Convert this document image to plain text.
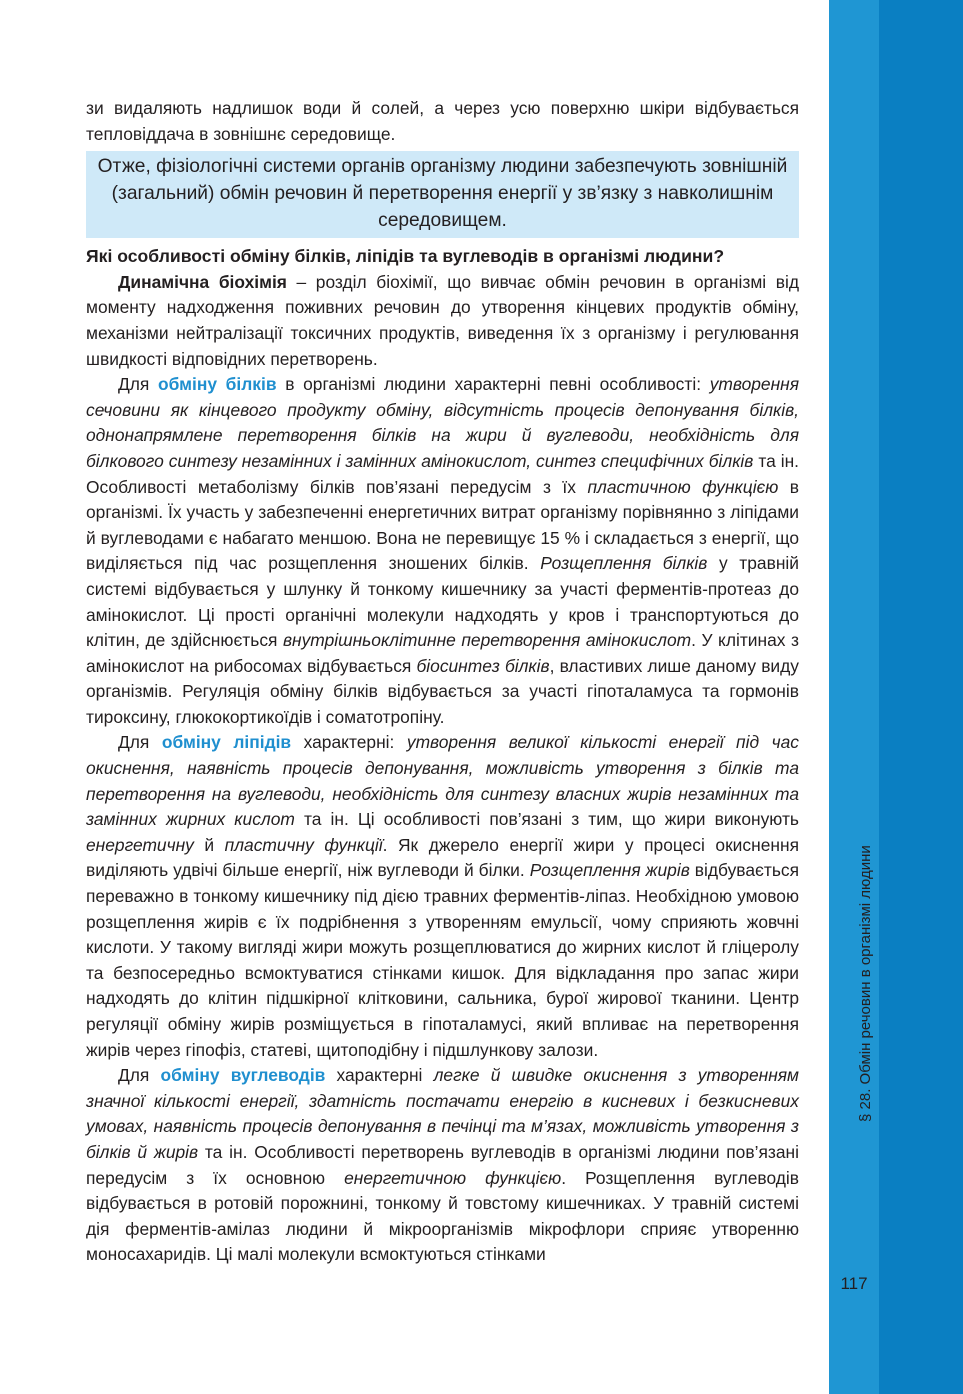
§ 28. Обмін речовин в організмі людини
117

зи видаляють надлишок води й солей, а через усю поверхню шкіри відбувається тепловіддача в зовнішнє середовище.

Отже, фізіологічні системи органів організму людини забезпечують зовнішній (загальний) обмін речовин й перетворення енергії у зв’язку з навколишнім середовищем.

Які особливості обміну білків, ліпідів та вуглеводів в організмі людини?

Динамічна біохімія – розділ біохімії, що вивчає обмін речовин в організмі від моменту надходження поживних речовин до утворення кінцевих продуктів обміну, механізми нейтралізації токсичних продуктів, виведення їх з організму і регулювання швидкості відповідних перетворень.

Для обміну білків в організмі людини характерні певні особливості: утворення сечовини як кінцевого продукту обміну, відсутність процесів депонування білків, однонапрямлене перетворення білків на жири й вуглеводи, необхідність для білкового синтезу незамінних і замінних амінокислот, синтез специфічних білків та ін. Особливості метаболізму білків пов’язані передусім з їх пластичною функцією в організмі. Їх участь у забезпеченні енергетичних витрат організму порівнянно з ліпідами й вуглеводами є набагато меншою. Вона не перевищує 15 % і складається з енергії, що виділяється під час розщеплення зношених білків. Розщеплення білків у травній системі відбувається у шлунку й тонкому кишечнику за участі ферментів-протеаз до амінокислот. Ці прості органічні молекули надходять у кров і транспортуються до клітин, де здійснюється внутрішньоклітинне перетворення амінокислот. У клітинах з амінокислот на рибосомах відбувається біосинтез білків, властивих лише даному виду організмів. Регуляція обміну білків відбувається за участі гіпоталамуса та гормонів тироксину, глюкокортикоїдів і соматотропіну.

Для обміну ліпідів характерні: утворення великої кількості енергії під час окиснення, наявність процесів депонування, можливість утворення з білків та перетворення на вуглеводи, необхідність для синтезу власних жирів незамінних та замінних жирних кислот та ін. Ці особливості пов’язані з тим, що жири виконують енергетичну й пластичну функції. Як джерело енергії жири у процесі окиснення виділяють удвічі більше енергії, ніж вуглеводи й білки. Розщеплення жирів відбувається переважно в тонкому кишечнику під дією травних ферментів-ліпаз. Необхідною умовою розщеплення жирів є їх подрібнення з утворенням емульсії, чому сприяють жовчні кислоти. У такому вигляді жири можуть розщеплюватися до жирних кислот й гліцеролу та безпосередньо всмоктуватися стінками кишок. Для відкладання про запас жири надходять до клітин підшкірної клітковини, сальника, бурої жирової тканини. Центр регуляції обміну жирів розміщується в гіпоталамусі, який впливає на перетворення жирів через гіпофіз, статеві, щитоподібну і підшлункову залози.

Для обміну вуглеводів характерні легке й швидке окиснення з утворенням значної кількості енергії, здатність постачати енергію в кисневих і безкисневих умовах, наявність процесів депонування в печінці та м’язах, можливість утворення з білків й жирів та ін. Особливості перетворень вуглеводів в організмі людини пов’язані передусім з їх основною енергетичною функцією. Розщеплення вуглеводів відбувається в ротовій порожнині, тонкому й товстому кишечниках. У травній системі дія ферментів-амілаз людини й мікроорганізмів мікрофлори сприяє утворенню моносахаридів. Ці малі молекули всмоктуються стінками
